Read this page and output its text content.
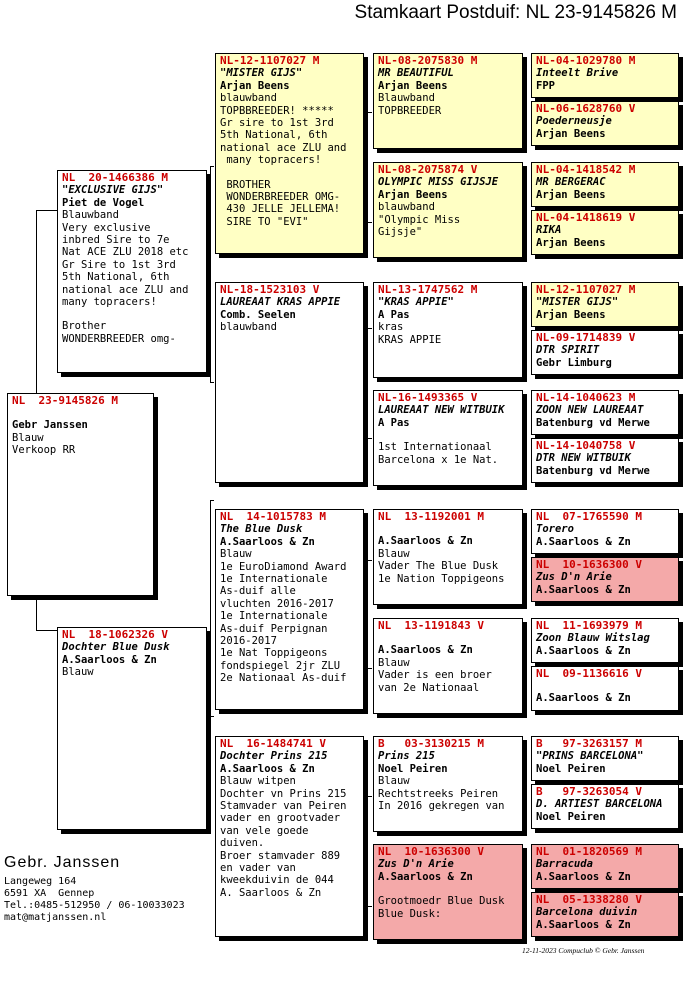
Stamkaart Postduif: NL 23-9145826 M
NL  23-9145826 M
Gebr Janssen
Blauw
Verkoop RR
NL  20-1466386 M
"EXCLUSIVE GIJS"
Piet de Vogel
Blauwband
Very exclusive
inbred Sire to 7e
Nat ACE ZLU 2018 etc
Gr Sire to 1st 3rd
5th National, 6th
national ace ZLU and
many topracers!
Brother
WONDERBREEDER omg-
NL  18-1062326 V
Dochter Blue Dusk
A.Saarloos & Zn
Blauw
NL-12-1107027 M
"MISTER GIJS"
Arjan Beens
blauwband
TOPBBREEDER! *****
Gr sire to 1st 3rd
5th National, 6th
national ace ZLU and
many topracers!
BROTHER
WONDERBREEDER OMG-
430 JELLE JELLEMA!
SIRE TO "EVI"
NL-18-1523103 V
LAUREAAT KRAS APPIE
Comb. Seelen
blauwband
NL  14-1015783 M
The Blue Dusk
A.Saarloos & Zn
Blauw
1e EuroDiamond Award
1e Internationale
As-duif alle
vluchten 2016-2017
1e Internationale
As-duif Perpignan
2016-2017
1e Nat Toppigeons
fondspiegel 2jr ZLU
2e Nationaal As-duif
NL  16-1484741 V
Dochter Prins 215
A.Saarloos & Zn
Blauw witpen
Dochter vn Prins 215
Stamvader van Peiren
vader en grootvader
van vele goede
duiven.
Broer stamvader 889
en vader van
kweekduivin de 044
A. Saarloos & Zn
NL-08-2075830 M
MR BEAUTIFUL
Arjan Beens
Blauwband
TOPBREEDER
NL-08-2075874 V
OLYMPIC MISS GIJSJE
Arjan Beens
blauwband
"Olympic Miss
Gijsje"
NL-13-1747562 M
"KRAS APPIE"
A Pas
kras
KRAS APPIE
NL-16-1493365 V
LAUREAAT NEW WITBUIK
A Pas
1st Internationaal
Barcelona x 1e Nat.
NL  13-1192001 M
A.Saarloos & Zn
Blauw
Vader The Blue Dusk
1e Nation Toppigeons
NL  13-1191843 V
A.Saarloos & Zn
Blauw
Vader is een broer
van 2e Nationaal
B   03-3130215 M
Prins 215
Noel Peiren
Blauw
Rechtstreeks Peiren
In 2016 gekregen van
NL  10-1636300 V
Zus D'n Arie
A.Saarloos & Zn
Grootmoedr Blue Dusk
Blue Dusk:
NL-04-1029780 M
Inteelt Brive
FPP
NL-06-1628760 V
Poederneusje
Arjan Beens
NL-04-1418542 M
MR BERGERAC
Arjan Beens
NL-04-1418619 V
RIKA
Arjan Beens
NL-12-1107027 M
"MISTER GIJS"
Arjan Beens
NL-09-1714839 V
DTR SPIRIT
Gebr Limburg
NL-14-1040623 M
ZOON NEW LAUREAAT
Batenburg vd Merwe
NL-14-1040758 V
DTR NEW WITBUIK
Batenburg vd Merwe
NL  07-1765590 M
Torero
A.Saarloos & Zn
NL  10-1636300 V
Zus D'n Arie
A.Saarloos & Zn
NL  11-1693979 M
Zoon Blauw Witslag
A.Saarloos & Zn
NL  09-1136616 V
A.Saarloos & Zn
B   97-3263157 M
"PRINS BARCELONA"
Noel Peiren
B   97-3263054 V
D. ARTIEST BARCELONA
Noel Peiren
NL  01-1820569 M
Barracuda
A.Saarloos & Zn
NL  05-1338280 V
Barcelona duivin
A.Saarloos & Zn
Gebr. Janssen
Langeweg 164
6591 XA  Gennep
Tel.:0485-512950 / 06-10033023
mat@matjanssen.nl
12-11-2023 Compuclub © Gebr. Janssen
